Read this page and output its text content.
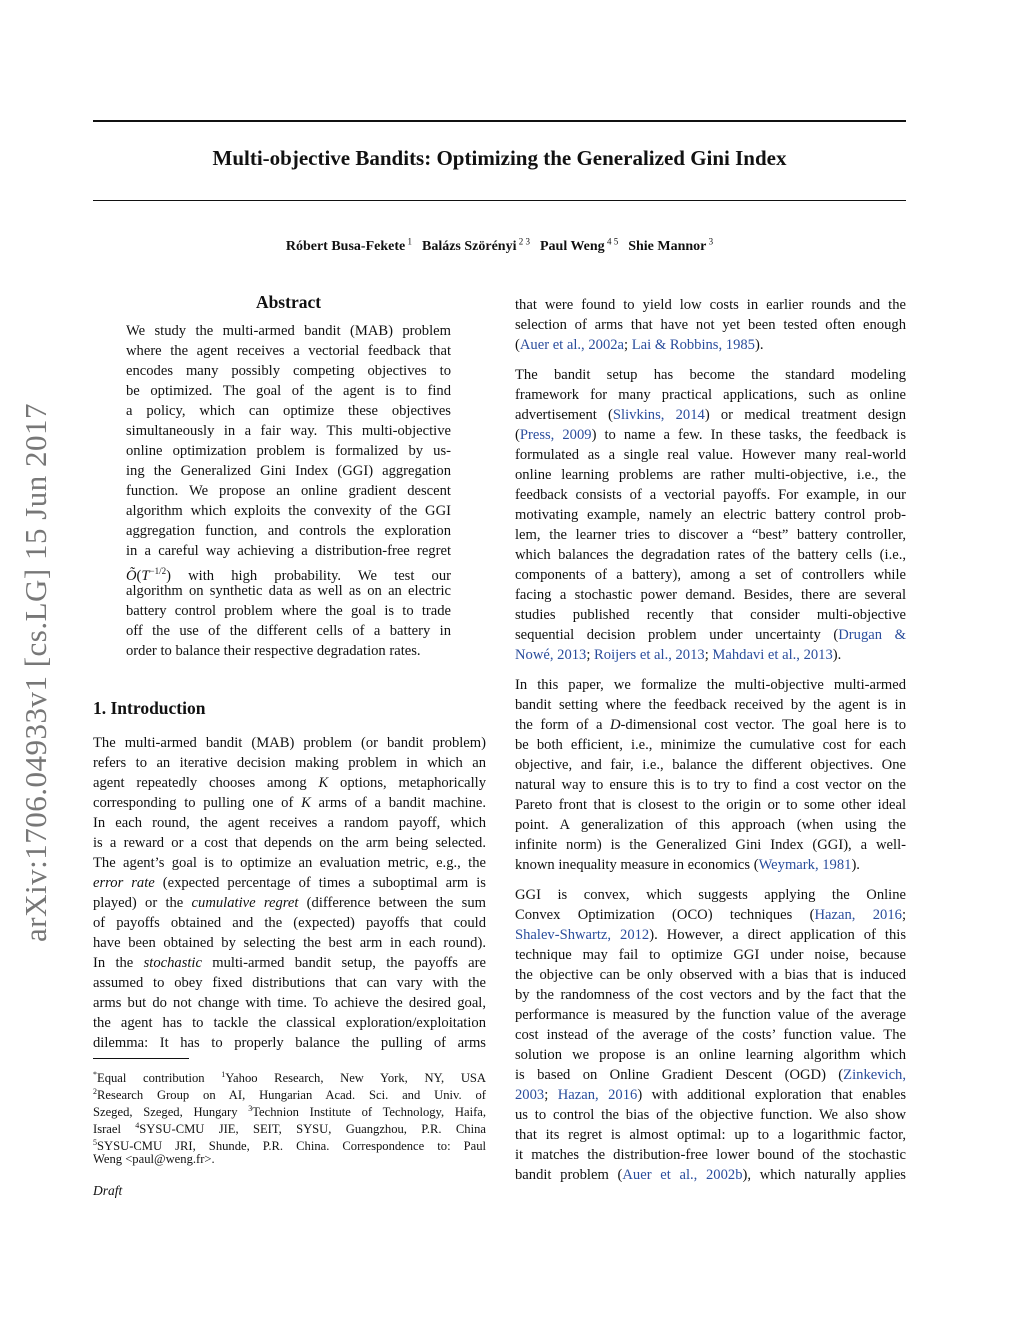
Multi-objective Bandits: Optimizing the Generalized Gini Index
Róbert Busa-Fekete $^1$ Balázs Szörényi $^{2 3}$ Paul Weng $^{4 5}$ Shie Mannor $^3$
arXiv:1706.04933v1 [cs.LG] 15 Jun 2017
Abstract
We study the multi-armed bandit (MAB) problem
where the agent receives a vectorial feedback that
encodes many possibly competing objectives to
be optimized. The goal of the agent is to find
a policy, which can optimize these objectives
simultaneously in a fair way. This multi-objective
online optimization problem is formalized by us-
ing the Generalized Gini Index (GGI) aggregation
function. We propose an online gradient descent
algorithm which exploits the convexity of the GGI
aggregation function, and controls the exploration
in a careful way achieving a distribution-free regret
$Õ(T^{-1/2})$ with high probability. We test our
algorithm on synthetic data as well as on an electric
battery control problem where the goal is to trade
off the use of the different cells of a battery in
order to balance their respective degradation rates.
1. Introduction
The multi-armed bandit (MAB) problem (or bandit problem)
refers to an iterative decision making problem in which an
agent repeatedly chooses among K options, metaphorically
corresponding to pulling one of K arms of a bandit machine.
In each round, the agent receives a random payoff, which
is a reward or a cost that depends on the arm being selected.
The agent’s goal is to optimize an evaluation metric, e.g., the
error rate (expected percentage of times a suboptimal arm is
played) or the cumulative regret (difference between the sum
of payoffs obtained and the (expected) payoffs that could
have been obtained by selecting the best arm in each round).
In the stochastic multi-armed bandit setup, the payoffs are
assumed to obey fixed distributions that can vary with the
arms but do not change with time. To achieve the desired goal,
the agent has to tackle the classical exploration/exploitation
dilemma: It has to properly balance the pulling of arms
that were found to yield low costs in earlier rounds and the
selection of arms that have not yet been tested often enough
(Auer et al., 2002a; Lai & Robbins, 1985).
The bandit setup has become the standard modeling
framework for many practical applications, such as online
advertisement (Slivkins, 2014) or medical treatment design
(Press, 2009) to name a few. In these tasks, the feedback is
formulated as a single real value. However many real-world
online learning problems are rather multi-objective, i.e., the
feedback consists of a vectorial payoffs. For example, in our
motivating example, namely an electric battery control prob-
lem, the learner tries to discover a “best” battery controller,
which balances the degradation rates of the battery cells (i.e.,
components of a battery), among a set of controllers while
facing a stochastic power demand. Besides, there are several
studies published recently that consider multi-objective
sequential decision problem under uncertainty (Drugan &
Nowé, 2013; Roijers et al., 2013; Mahdavi et al., 2013).
In this paper, we formalize the multi-objective multi-armed
bandit setting where the feedback received by the agent is in
the form of a D-dimensional cost vector. The goal here is to
be both efficient, i.e., minimize the cumulative cost for each
objective, and fair, i.e., balance the different objectives. One
natural way to ensure this is to try to find a cost vector on the
Pareto front that is closest to the origin or to some other ideal
point. A generalization of this approach (when using the
infinite norm) is the Generalized Gini Index (GGI), a well-
known inequality measure in economics (Weymark, 1981).
GGI is convex, which suggests applying the Online
Convex Optimization (OCO) techniques (Hazan, 2016;
Shalev-Shwartz, 2012). However, a direct application of this
technique may fail to optimize GGI under noise, because
the objective can be only observed with a bias that is induced
by the randomness of the cost vectors and by the fact that the
performance is measured by the function value of the average
cost instead of the average of the costs’ function value. The
solution we propose is an online learning algorithm which
is based on Online Gradient Descent (OGD) (Zinkevich,
2003; Hazan, 2016) with additional exploration that enables
us to control the bias of the objective function. We also show
that its regret is almost optimal: up to a logarithmic factor,
it matches the distribution-free lower bound of the stochastic
bandit problem (Auer et al., 2002b), which naturally applies
*Equal contribution $^1$Yahoo Research, New York, NY, USA
$^2$Research Group on AI, Hungarian Acad. Sci. and Univ. of
Szeged, Szeged, Hungary $^3$Technion Institute of Technology, Haifa,
Israel $^4$SYSU-CMU JIE, SEIT, SYSU, Guangzhou, P.R. China
$^5$SYSU-CMU JRI, Shunde, P.R. China. Correspondence to: Paul
Weng <paul@weng.fr>.
Draft
